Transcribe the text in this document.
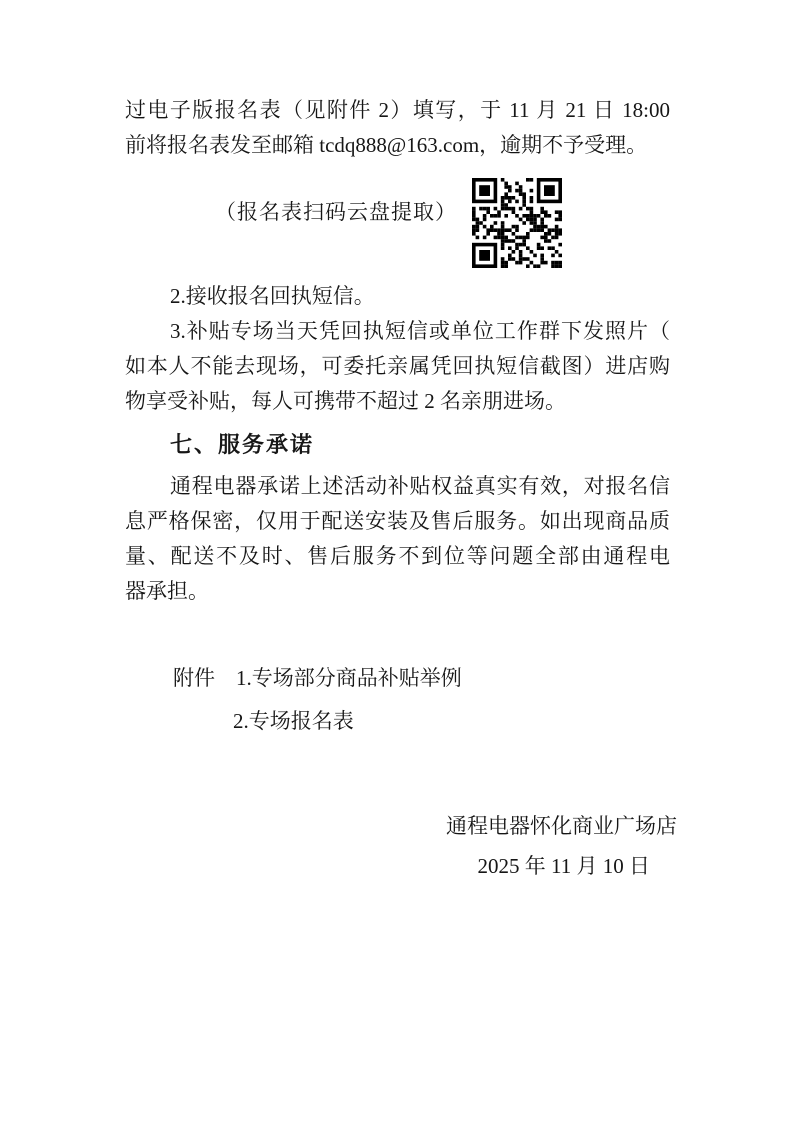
过电子版报名表（见附件 2）填写，于 11 月 21 日 18:00
前将报名表发至邮箱 tcdq888@163.com，逾期不予受理。
（报名表扫码云盘提取）
2.接收报名回执短信。
3.补贴专场当天凭回执短信或单位工作群下发照片（
如本人不能去现场，可委托亲属凭回执短信截图）进店购
物享受补贴，每人可携带不超过 2 名亲朋进场。
七、服务承诺
通程电器承诺上述活动补贴权益真实有效，对报名信
息严格保密，仅用于配送安装及售后服务。如出现商品质
量、配送不及时、售后服务不到位等问题全部由通程电
器承担。
附件  1.专场部分商品补贴举例
2.专场报名表
通程电器怀化商业广场店
2025 年 11 月 10 日
